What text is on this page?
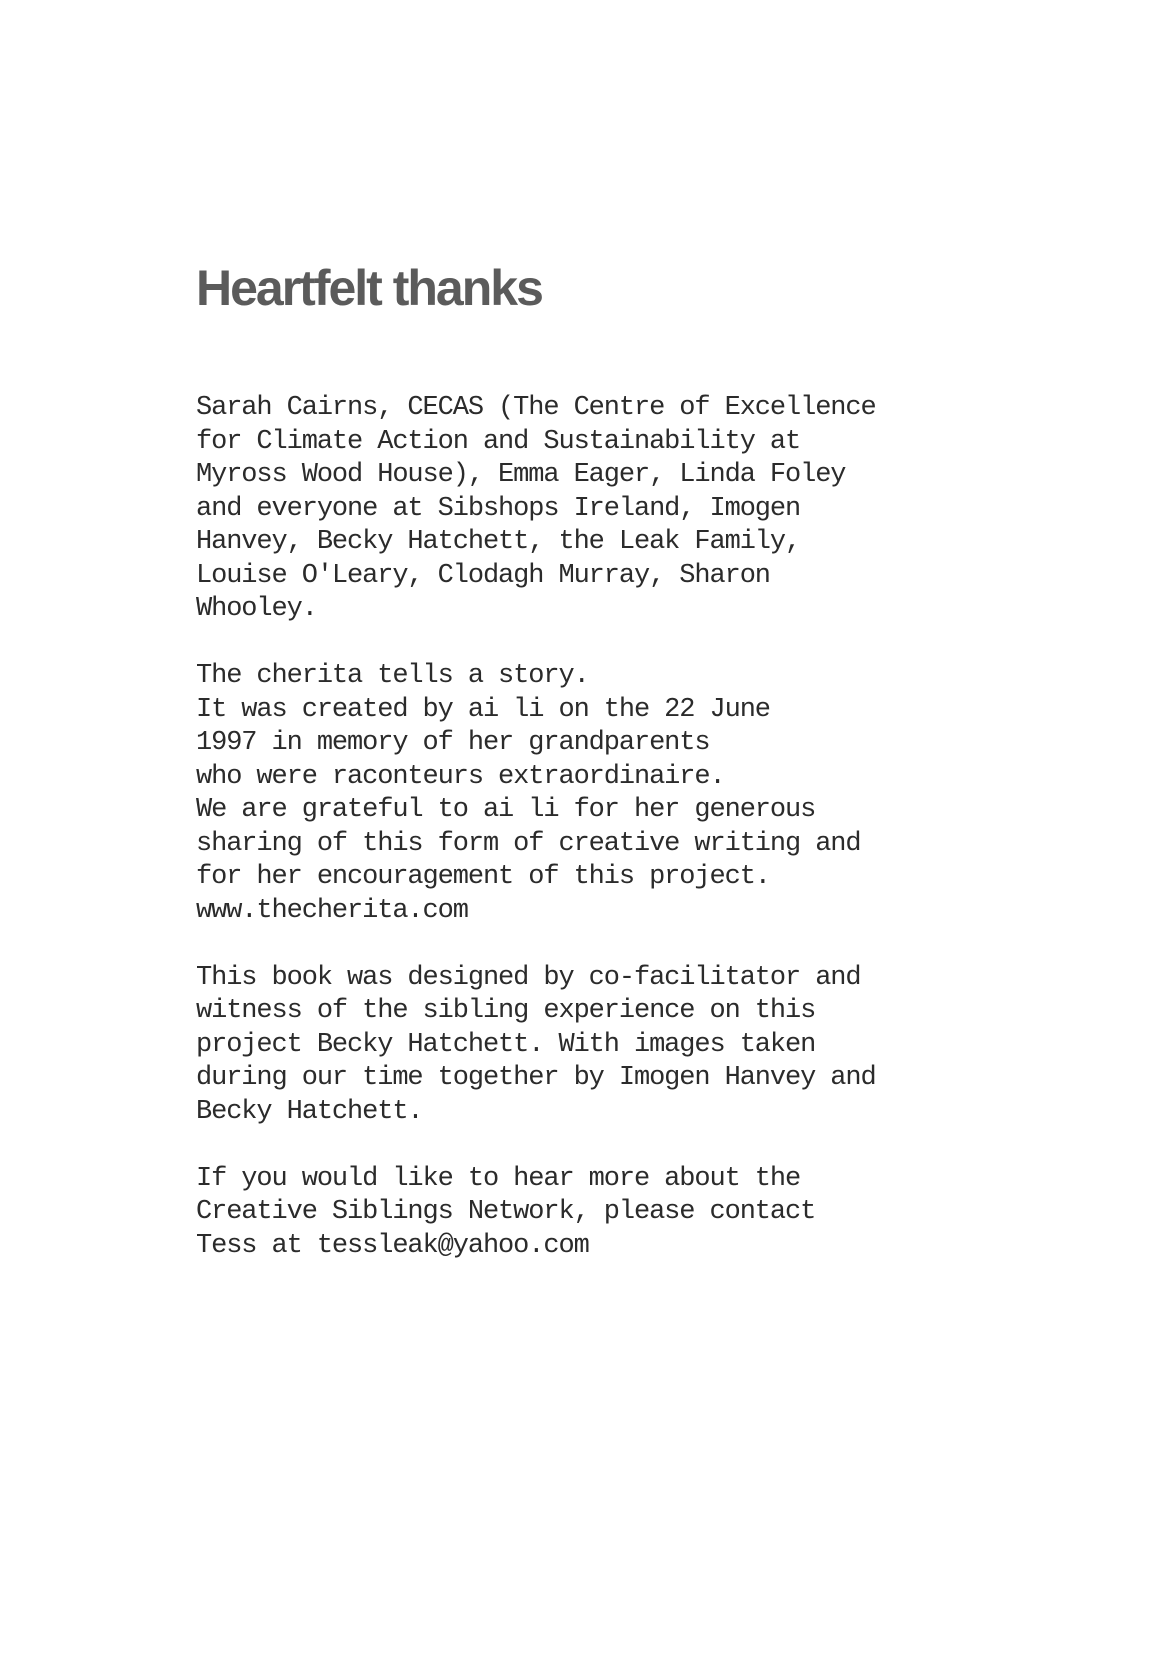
Heartfelt thanks

Sarah Cairns, CECAS (The Centre of Excellence
for Climate Action and Sustainability at
Myross Wood House), Emma Eager, Linda Foley
and everyone at Sibshops Ireland, Imogen
Hanvey, Becky Hatchett, the Leak Family,
Louise O'Leary, Clodagh Murray, Sharon
Whooley.

The cherita tells a story.
It was created by ai li on the 22 June
1997 in memory of her grandparents
who were raconteurs extraordinaire.
We are grateful to ai li for her generous
sharing of this form of creative writing and
for her encouragement of this project.
www.thecherita.com

This book was designed by co-facilitator and
witness of the sibling experience on this
project Becky Hatchett. With images taken
during our time together by Imogen Hanvey and
Becky Hatchett.

If you would like to hear more about the
Creative Siblings Network, please contact
Tess at tessleak@yahoo.com
